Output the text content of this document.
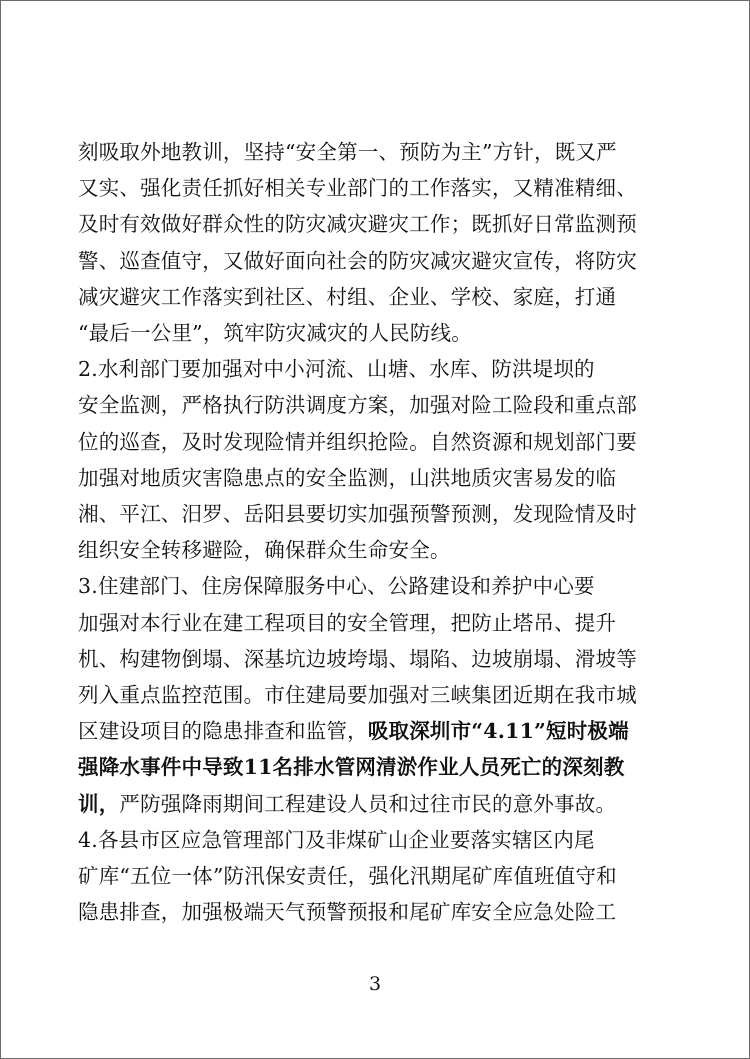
刻吸取外地教训，坚持“安全第一、预防为主”方针，既又严
又实、强化责任抓好相关专业部门的工作落实，又精准精细、
及时有效做好群众性的防灾减灾避灾工作；既抓好日常监测预
警、巡查值守，又做好面向社会的防灾减灾避灾宣传，将防灾
减灾避灾工作落实到社区、村组、企业、学校、家庭，打通
“最后一公里”，筑牢防灾减灾的人民防线。
2.水利部门要加强对中小河流、山塘、水库、防洪堤坝的
安全监测，严格执行防洪调度方案，加强对险工险段和重点部
位的巡查，及时发现险情并组织抢险。自然资源和规划部门要
加强对地质灾害隐患点的安全监测，山洪地质灾害易发的临
湘、平江、汨罗、岳阳县要切实加强预警预测，发现险情及时
组织安全转移避险，确保群众生命安全。
3.住建部门、住房保障服务中心、公路建设和养护中心要
加强对本行业在建工程项目的安全管理，把防止塔吊、提升
机、构建物倒塌、深基坑边坡垮塌、塌陷、边坡崩塌、滑坡等
列入重点监控范围。市住建局要加强对三峡集团近期在我市城
区建设项目的隐患排查和监管，吸取深圳市“4.11”短时极端
强降水事件中导致11名排水管网清淤作业人员死亡的深刻教
训，严防强降雨期间工程建设人员和过往市民的意外事故。
4.各县市区应急管理部门及非煤矿山企业要落实辖区内尾
矿库“五位一体”防汛保安责任，强化汛期尾矿库值班值守和
隐患排查，加强极端天气预警预报和尾矿库安全应急处险工
3
